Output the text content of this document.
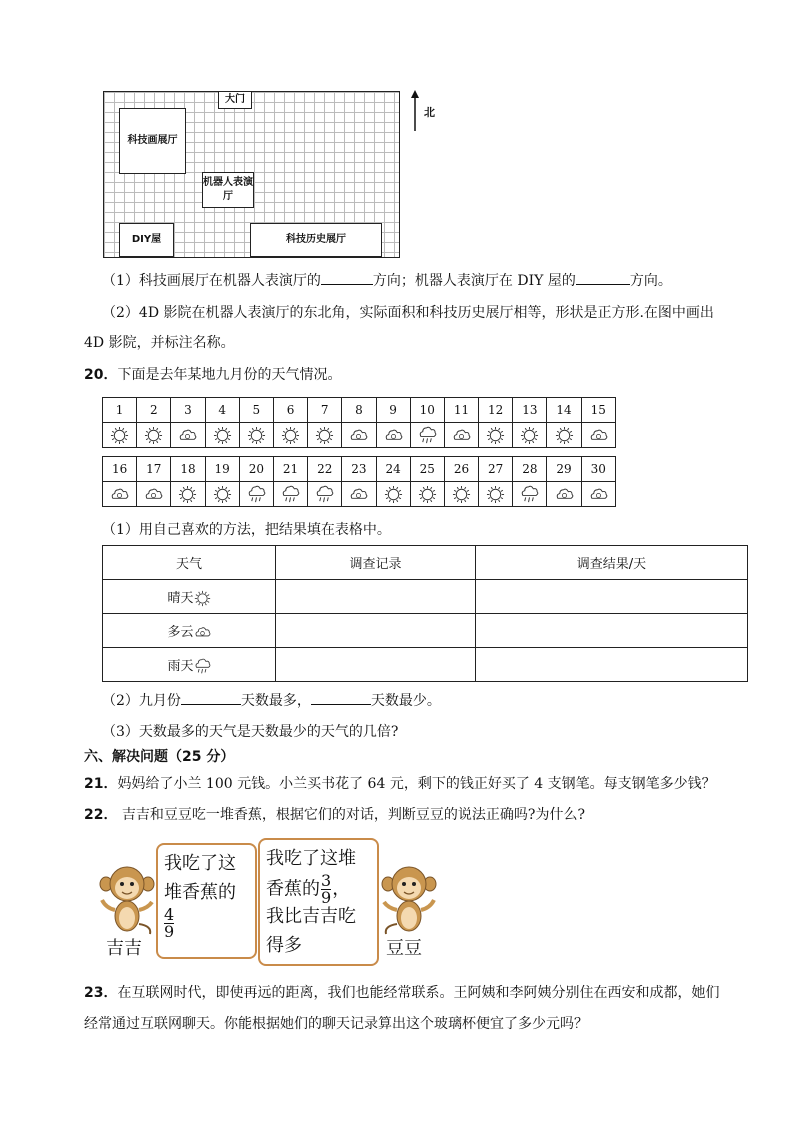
大门
科技画展厅
机器人表演厅
DIY屋	科技历史展厅
北
（1）科技画展厅在机器人表演厅的	方向；机器人表演厅在 DIY 屋的	方向。
（2）4D 影院在机器人表演厅的东北角，实际面积和科技历史展厅相等，形状是正方形.在图中画出
4D 影院，并标注名称。
20．下面是去年某地九月份的天气情况。
1	2	3	4	5	6	7	8	9	10	11	12	13	14	15

16	17	18	19	20	21	22	23	24	25	26	27	28	29	30

（1）用自己喜欢的方法，把结果填在表格中。
天气	调查记录	调查结果/天
晴天		
多云		
雨天		
（2）九月份	天数最多，	天数最少。
（3）天数最多的天气是天数最少的天气的几倍?
六、解决问题（25 分）
21．妈妈给了小兰 100 元钱。小兰买书花了 64 元，剩下的钱正好买了 4 支钢笔。每支钢笔多少钱？
22． 吉吉和豆豆吃一堆香蕉，根据它们的对话，判断豆豆的说法正确吗?为什么?
吉吉
我吃了这
堆香蕉的
$\frac{4}{9}$
我吃了这堆
香蕉的 $\frac{3}{9}$ ，
我比吉吉吃
得多	豆豆
23．在互联网时代，即使再远的距离，我们也能经常联系。王阿姨和李阿姨分别住在西安和成都，她们
经常通过互联网聊天。你能根据她们的聊天记录算出这个玻璃杯便宜了多少元吗？
